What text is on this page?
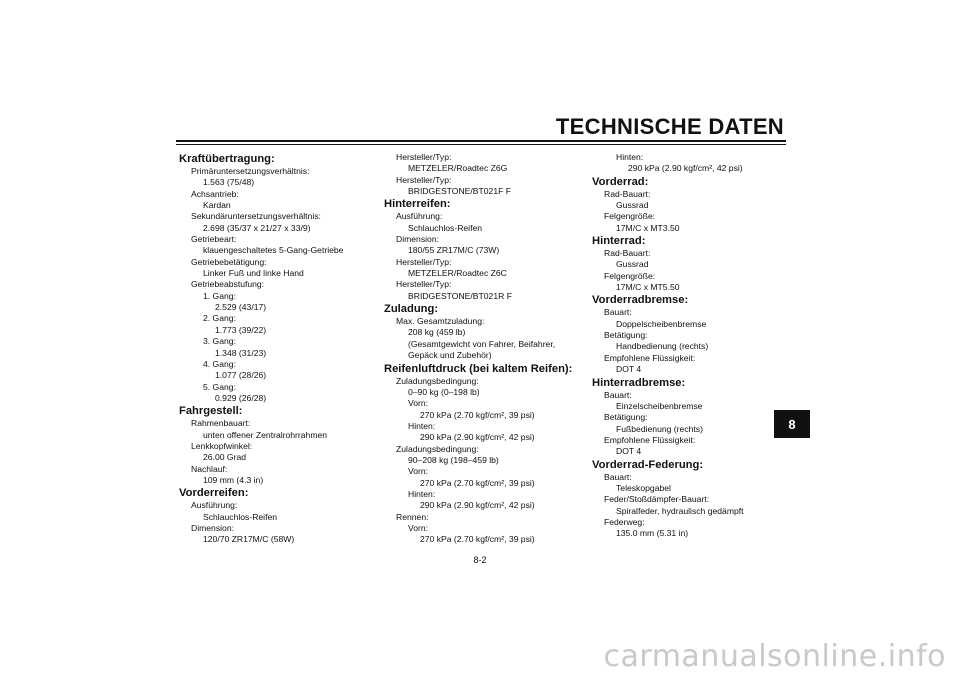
TECHNISCHE DATEN
Kraftübertragung:
Primäruntersetzungsverhältnis:
1.563 (75/48)
Achsantrieb:
Kardan
Sekundäruntersetzungsverhältnis:
2.698 (35/37 x 21/27 x 33/9)
Getriebeart:
klauengeschaltetes 5-Gang-Getriebe
Getriebebetätigung:
Linker Fuß und linke Hand
Getriebeabstufung:
1. Gang:
2.529 (43/17)
2. Gang:
1.773 (39/22)
3. Gang:
1.348 (31/23)
4. Gang:
1.077 (28/26)
5. Gang:
0.929 (26/28)
Fahrgestell:
Rahmenbauart:
unten offener Zentralrohrrahmen
Lenkkopfwinkel:
26.00 Grad
Nachlauf:
109 mm (4.3 in)
Vorderreifen:
Ausführung:
Schlauchlos-Reifen
Dimension:
120/70 ZR17M/C (58W)
Hersteller/Typ:
METZELER/Roadtec Z6G
Hersteller/Typ:
BRIDGESTONE/BT021F F
Hinterreifen:
Ausführung:
Schlauchlos-Reifen
Dimension:
180/55 ZR17M/C (73W)
Hersteller/Typ:
METZELER/Roadtec Z6C
Hersteller/Typ:
BRIDGESTONE/BT021R F
Zuladung:
Max. Gesamtzuladung:
208 kg (459 lb)
(Gesamtgewicht von Fahrer, Beifahrer,
Gepäck und Zubehör)
Reifenluftdruck (bei kaltem Reifen):
Zuladungsbedingung:
0–90 kg (0–198 lb)
Vorn:
270 kPa (2.70 kgf/cm², 39 psi)
Hinten:
290 kPa (2.90 kgf/cm², 42 psi)
Zuladungsbedingung:
90–208 kg (198–459 lb)
Vorn:
270 kPa (2.70 kgf/cm², 39 psi)
Hinten:
290 kPa (2.90 kgf/cm², 42 psi)
Rennen:
Vorn:
270 kPa (2.70 kgf/cm², 39 psi)
Hinten:
290 kPa (2.90 kgf/cm², 42 psi)
Vorderrad:
Rad-Bauart:
Gussrad
Felgengröße:
17M/C x MT3.50
Hinterrad:
Rad-Bauart:
Gussrad
Felgengröße:
17M/C x MT5.50
Vorderradbremse:
Bauart:
Doppelscheibenbremse
Betätigung:
Handbedienung (rechts)
Empfohlene Flüssigkeit:
DOT 4
Hinterradbremse:
Bauart:
Einzelscheibenbremse
Betätigung:
Fußbedienung (rechts)
Empfohlene Flüssigkeit:
DOT 4
Vorderrad-Federung:
Bauart:
Teleskopgabel
Feder/Stoßdämpfer-Bauart:
Spiralfeder, hydraulisch gedämpft
Federweg:
135.0 mm (5.31 in)
8
8-2
carmanualsonline.info
